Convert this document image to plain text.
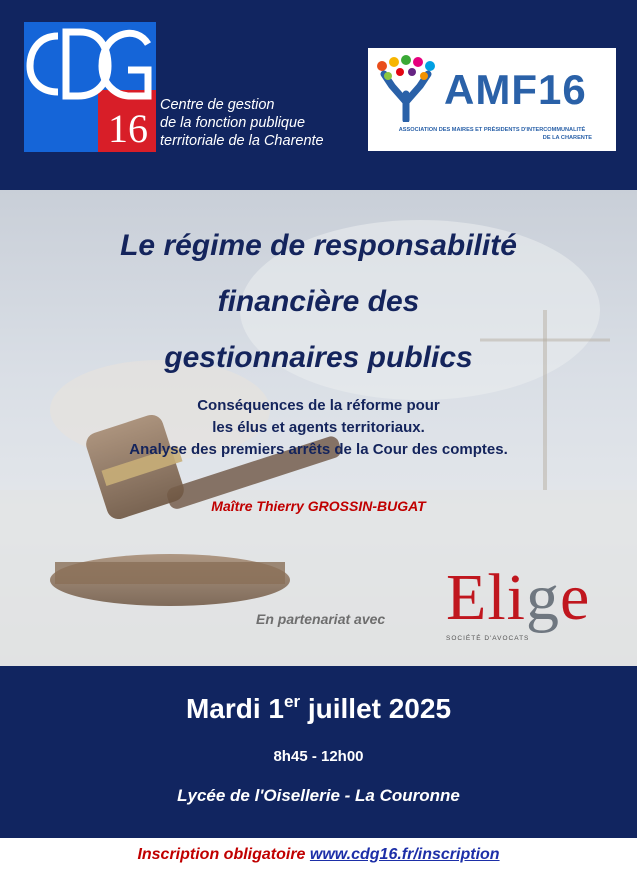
16
Centre de gestion
de la fonction publique
territoriale de la Charente
AMF16
ASSOCIATION DES MAIRES ET PRÉSIDENTS D'INTERCOMMUNALITÉ
DE LA CHARENTE
Le régime de responsabilité
financière des
gestionnaires publics
Conséquences de la réforme pour
les élus et agents territoriaux.
Analyse des premiers arrêts de la Cour des comptes.
Maître Thierry GROSSIN-BUGAT
En partenariat avec Elige
SOCIÉTÉ D'AVOCATS
Mardi 1er juillet 2025
8h45 - 12h00
Lycée de l'Oisellerie - La Couronne
Inscription obligatoire www.cdg16.fr/inscription
